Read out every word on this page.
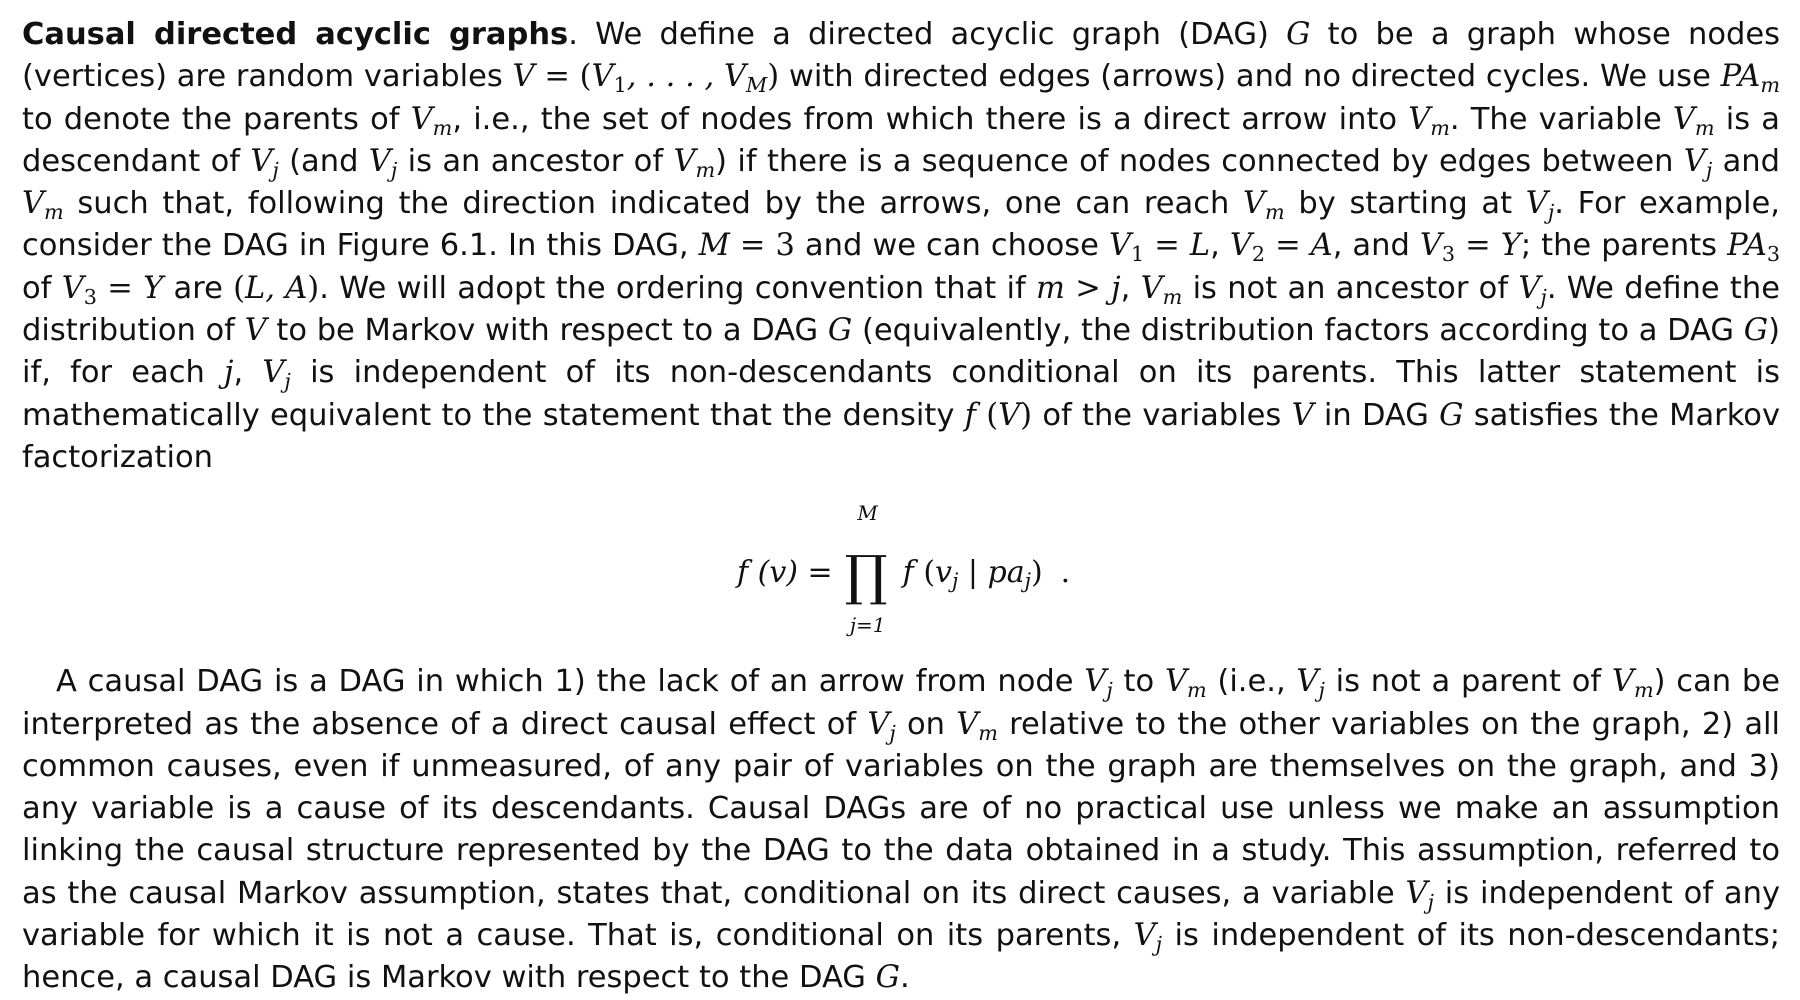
Causal directed acyclic graphs. We define a directed acyclic graph (DAG) G to be a graph whose nodes (vertices) are random variables $V = (V_1$, . . . , $V_M$) with directed edges (arrows) and no directed cycles. We use $PA_m$ to denote the parents of $V_m$, i.e., the set of nodes from which there is a direct arrow into $V_m$. The variable $V_m$ is a descendant of $V_j$ (and $V_j$ is an ancestor of $V_m$) if there is a sequence of nodes connected by edges between $V_j$ and $V_m$ such that, following the direction indicated by the arrows, one can reach $V_m$ by starting at $V_j$. For example, consider the DAG in Figure 6.1. In this DAG, M = 3 and we can choose $V_1 = L$, $V_2 = A$, and $V_3 = Y$; the parents $PA_3$ of $V_3 = Y$ are (L, A). We will adopt the ordering convention that if m > j, $V_m$ is not an ancestor of $V_j$. We define the distribution of V to be Markov with respect to a DAG G (equivalently, the distribution factors according to a DAG G) if, for each j, $V_j$ is independent of its non-descendants conditional on its parents. This latter statement is mathematically equivalent to the statement that the density f (V) of the variables V in DAG G satisfies the Markov factorization

f (v) =
M
∏
j=1
f ($v_j$ | $pa_j$) .

A causal DAG is a DAG in which 1) the lack of an arrow from node $V_j$ to $V_m$ (i.e., $V_j$ is not a parent of $V_m$) can be interpreted as the absence of a direct causal effect of $V_j$ on $V_m$ relative to the other variables on the graph, 2) all common causes, even if unmeasured, of any pair of variables on the graph are themselves on the graph, and 3) any variable is a cause of its descendants. Causal DAGs are of no practical use unless we make an assumption linking the causal structure represented by the DAG to the data obtained in a study. This assumption, referred to as the causal Markov assumption, states that, conditional on its direct causes, a variable $V_j$ is independent of any variable for which it is not a cause. That is, conditional on its parents, $V_j$ is independent of its non-descendants; hence, a causal DAG is Markov with respect to the DAG G.
